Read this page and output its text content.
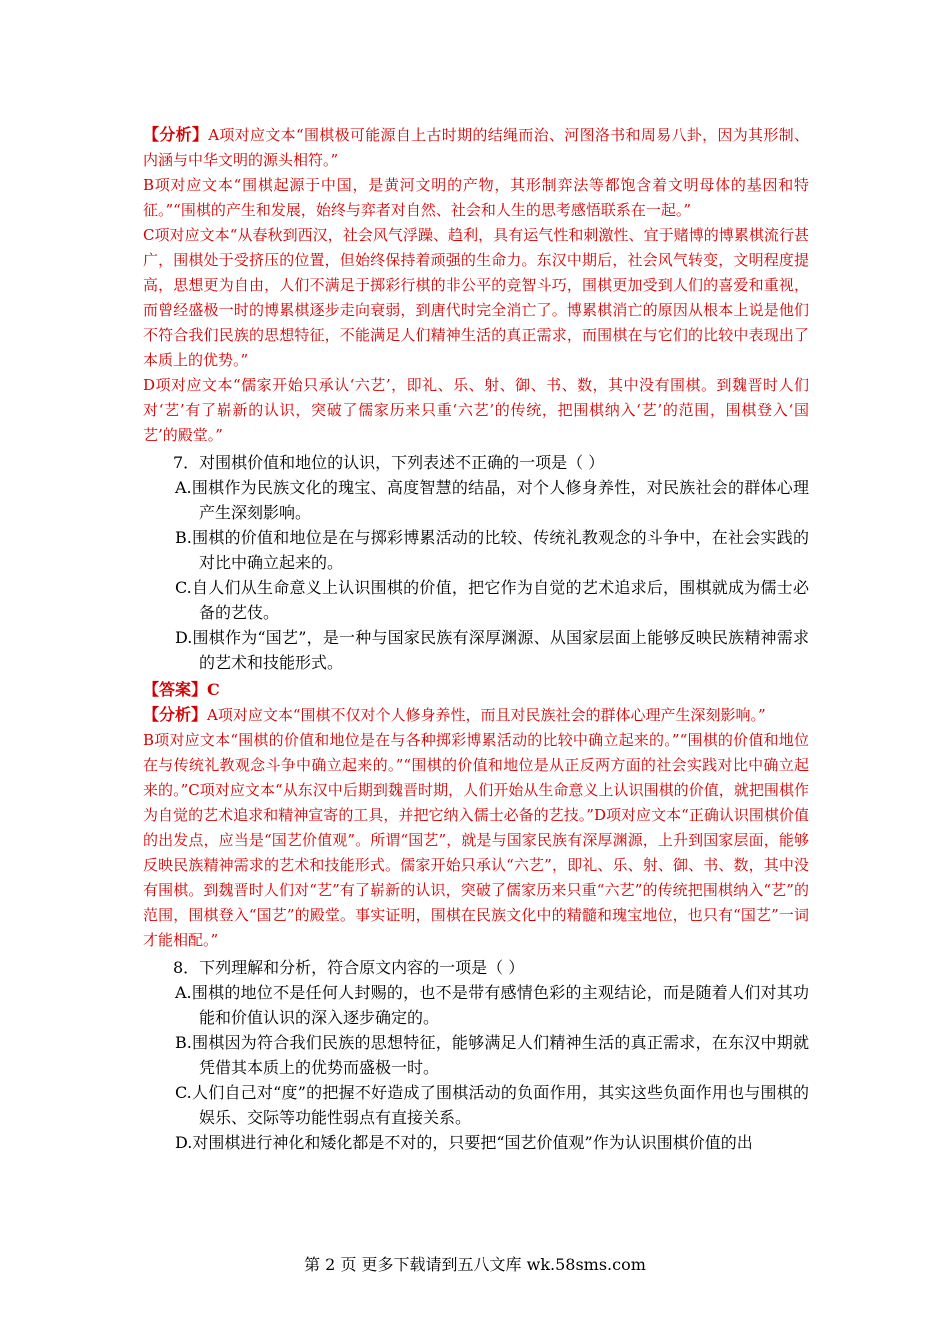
【分析】A项对应文本“围棋极可能源自上古时期的结绳而治、河图洛书和周易八卦，因为其形制、内涵与中华文明的源头相符。”

B项对应文本“围棋起源于中国，是黄河文明的产物，其形制弈法等都饱含着文明母体的基因和特征。”“围棋的产生和发展，始终与弈者对自然、社会和人生的思考感悟联系在一起。”

C项对应文本“从春秋到西汉，社会风气浮躁、趋利，具有运气性和刺激性、宜于赌博的博累棋流行甚广，围棋处于受挤压的位置，但始终保持着顽强的生命力。东汉中期后，社会风气转变，文明程度提高，思想更为自由，人们不满足于掷彩行棋的非公平的竞智斗巧，围棋更加受到人们的喜爱和重视，而曾经盛极一时的博累棋逐步走向衰弱，到唐代时完全消亡了。博累棋消亡的原因从根本上说是他们不符合我们民族的思想特征，不能满足人们精神生活的真正需求，而围棋在与它们的比较中表现出了本质上的优势。”

D项对应文本“儒家开始只承认‘六艺’，即礼、乐、射、御、书、数，其中没有围棋。到魏晋时人们对‘艺’有了崭新的认识，突破了儒家历来只重‘六艺’的传统，把围棋纳入‘艺’的范围，围棋登入‘国艺’的殿堂。”

7．对围棋价值和地位的认识，下列表述不正确的一项是（ ）

A.围棋作为民族文化的瑰宝、高度智慧的结晶，对个人修身养性，对民族社会的群体心理产生深刻影响。

B.围棋的价值和地位是在与掷彩博累活动的比较、传统礼教观念的斗争中，在社会实践的对比中确立起来的。

C.自人们从生命意义上认识围棋的价值，把它作为自觉的艺术追求后，围棋就成为儒士必备的艺伎。

D.围棋作为“国艺”，是一种与国家民族有深厚渊源、从国家层面上能够反映民族精神需求的艺术和技能形式。

【答案】C

【分析】A项对应文本“围棋不仅对个人修身养性，而且对民族社会的群体心理产生深刻影响。”

B项对应文本“围棋的价值和地位是在与各种掷彩博累活动的比较中确立起来的。”“围棋的价值和地位在与传统礼教观念斗争中确立起来的。”“围棋的价值和地位是从正反两方面的社会实践对比中确立起来的。”C项对应文本“从东汉中后期到魏晋时期，人们开始从生命意义上认识围棋的价值，就把围棋作为自觉的艺术追求和精神宣寄的工具，并把它纳入儒士必备的艺技。”D项对应文本“正确认识围棋价值的出发点，应当是“国艺价值观”。所谓“国艺”，就是与国家民族有深厚渊源，上升到国家层面，能够反映民族精神需求的艺术和技能形式。儒家开始只承认“六艺”，即礼、乐、射、御、书、数，其中没有围棋。到魏晋时人们对“艺”有了崭新的认识，突破了儒家历来只重“六艺”的传统把围棋纳入“艺”的范围，围棋登入“国艺”的殿堂。事实证明，围棋在民族文化中的精髓和瑰宝地位，也只有“国艺”一词才能相配。”

8．下列理解和分析，符合原文内容的一项是（ ）

A.围棋的地位不是任何人封赐的，也不是带有感情色彩的主观结论，而是随着人们对其功能和价值认识的深入逐步确定的。

B.围棋因为符合我们民族的思想特征，能够满足人们精神生活的真正需求，在东汉中期就凭借其本质上的优势而盛极一时。

C.人们自己对“度”的把握不好造成了围棋活动的负面作用，其实这些负面作用也与围棋的娱乐、交际等功能性弱点有直接关系。

D.对围棋进行神化和矮化都是不对的，只要把“国艺价值观”作为认识围棋价值的出

第 2 页 更多下载请到五八文库 wk.58sms.com
